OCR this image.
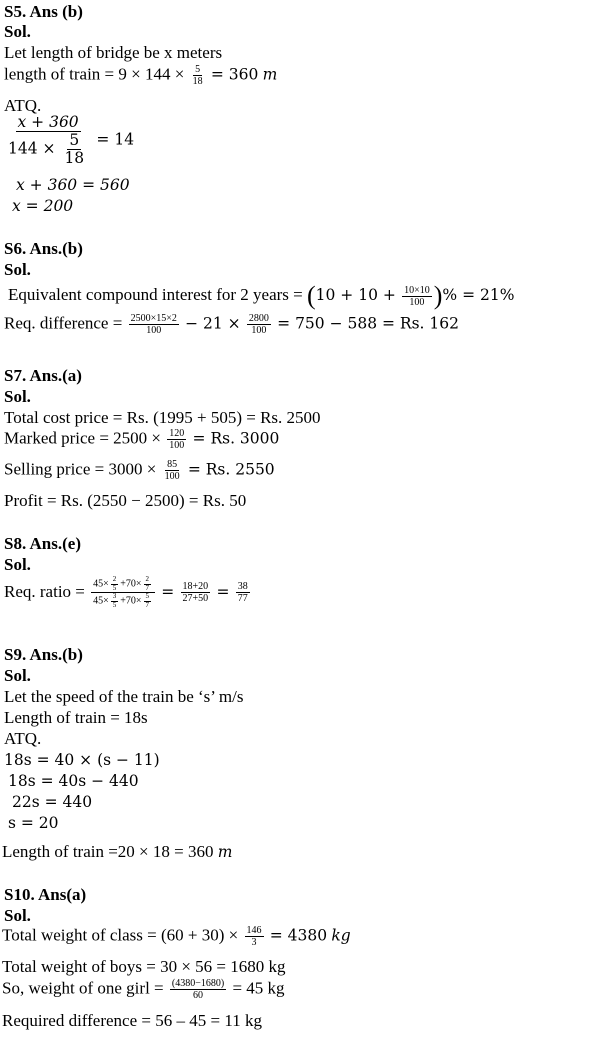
S5. Ans (b)
Sol.
Let length of bridge be x meters
length of train = $9 \times 144 \times \frac{5}{18} = 360$ m
ATQ.
$\frac{x + 360}{144 \times \frac{5}{18}} = 14$
x + 360 = 560
x = 200
S6. Ans.(b)
Sol.
Equivalent compound interest for 2 years = ($10 + 10 + \frac{10\times 10}{100}$ )% = 21%
Req. difference = $\frac{2500\times 15\times 2}{100} - 21 \times \frac{2800}{100} = 750 - 588 = Rs$. 162
S7. Ans.(a)
Sol.
Total cost price = Rs. (1995 + 505) = Rs. 2500
Marked price = $2500 \times \frac{120}{100} = Rs$. 3000
Selling price = $3000 \times \frac{85}{100} = Rs$. 2550
Profit = Rs. (2550 − 2500) = Rs. 50
S8. Ans.(e)
Sol.
Req. ratio = $\frac{45\times \frac{2}{5} +70\times \frac{2}{7}}{45\times \frac{3}{5} +70\times \frac{5}{7}} = \frac{18+20}{27+50} = \frac{38}{77}$
S9. Ans.(b)
Sol.
Let the speed of the train be ‘s’ m/s
Length of train = 18s
ATQ.
18s = 40 × (s − 11)
18s = 40s − 440
22s = 440
s = 20
Length of train =20 × 18 = 360 m
S10. Ans(a)
Sol.
Total weight of class = $(60 + 30) \times \frac{146}{3} = 4380$ kg
Total weight of boys = 30 × 56 = 1680 kg
So, weight of one girl = $\frac{(4380-1680)}{60} = 45$ kg
Required difference = 56 – 45 = 11 kg
